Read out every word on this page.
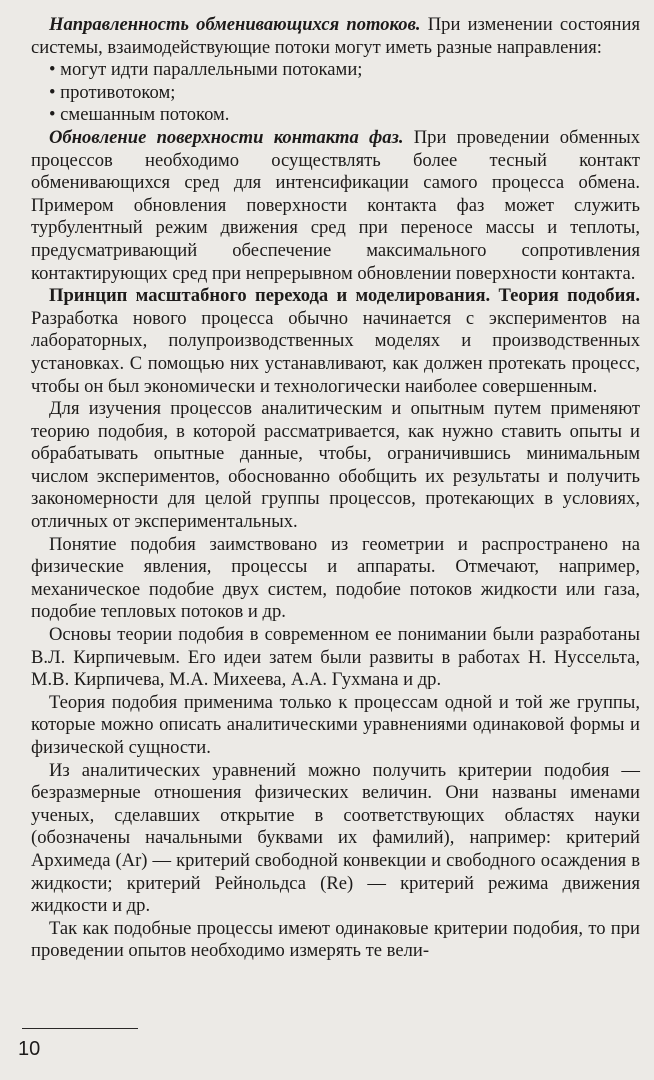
Направленность обменивающихся потоков. При изменении состояния системы, взаимодействующие потоки могут иметь разные направления:

• могут идти параллельными потоками;
• противотоком;
• смешанным потоком.

Обновление поверхности контакта фаз. При проведении обменных процессов необходимо осуществлять более тесный контакт обменивающихся сред для интенсификации самого процесса обмена. Примером обновления поверхности контакта фаз может служить турбулентный режим движения сред при переносе массы и теплоты, предусматривающий обеспечение максимального сопротивления контактирующих сред при непрерывном обновлении поверхности контакта.

Принцип масштабного перехода и моделирования. Теория подобия. Разработка нового процесса обычно начинается с экспериментов на лабораторных, полупроизводственных моделях и производственных установках. С помощью них устанавливают, как должен протекать процесс, чтобы он был экономически и технологически наиболее совершенным.

Для изучения процессов аналитическим и опытным путем применяют теорию подобия, в которой рассматривается, как нужно ставить опыты и обрабатывать опытные данные, чтобы, ограничившись минимальным числом экспериментов, обоснованно обобщить их результаты и получить закономерности для целой группы процессов, протекающих в условиях, отличных от экспериментальных.

Понятие подобия заимствовано из геометрии и распространено на физические явления, процессы и аппараты. Отмечают, например, механическое подобие двух систем, подобие потоков жидкости или газа, подобие тепловых потоков и др.

Основы теории подобия в современном ее понимании были разработаны В.Л. Кирпичевым. Его идеи затем были развиты в работах Н. Нуссельта, М.В. Кирпичева, М.А. Михеева, А.А. Гухмана и др.

Теория подобия применима только к процессам одной и той же группы, которые можно описать аналитическими уравнениями одинаковой формы и физической сущности.

Из аналитических уравнений можно получить критерии подобия — безразмерные отношения физических величин. Они названы именами ученых, сделавших открытие в соответствующих областях науки (обозначены начальными буквами их фамилий), например: критерий Архимеда (Ar) — критерий свободной конвекции и свободного осаждения в жидкости; критерий Рейнольдса (Re) — критерий режима движения жидкости и др.

Так как подобные процессы имеют одинаковые критерии подобия, то при проведении опытов необходимо измерять те вели-

10
